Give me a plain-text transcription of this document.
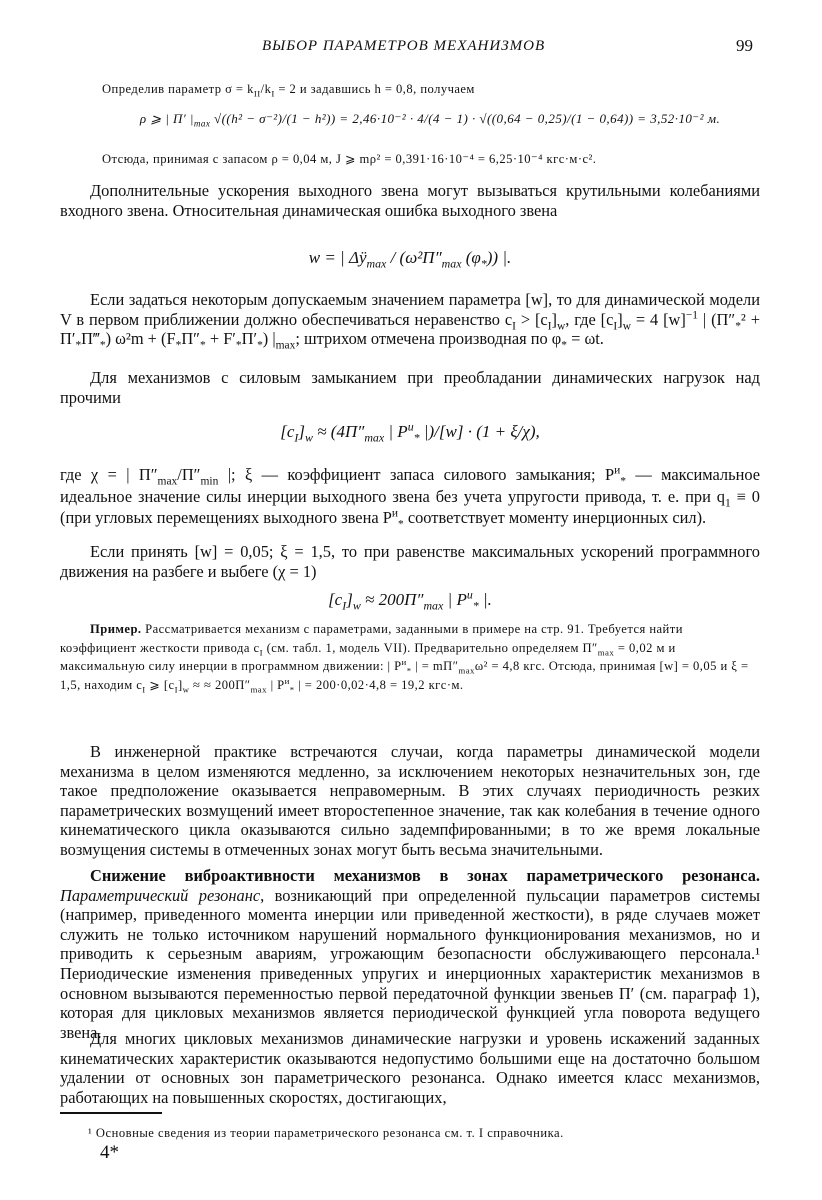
ВЫБОР ПАРАМЕТРОВ МЕХАНИЗМОВ	99
Определив параметр $\sigma = k_{II}/k_I = 2$ и задавшись h = 0,8, получаем
ρ ⩾ | П′ $|_{max}$ √((h² − σ⁻²)/(1 − h²)) = 2,46·10⁻² · 4/(4 − 1) · √((0,64 − 0,25)/(1 − 0,64)) = 3,52·10⁻² м.
Отсюда, принимая с запасом ρ = 0,04 м, J ⩾ mρ² = 0,391·16·10⁻⁴ = 6,25·10⁻⁴ кгс·м·с².
Дополнительные ускорения выходного звена могут вызываться крутильными колебаниями входного звена. Относительная динамическая ошибка выходного звена
w = | $\Delta ÿ_{max} / (\omega^2П''_{max}$ $(\varphi_*)$) |.
Если задаться некоторым допускаемым значением параметра [w], то для динамической модели V в первом приближении должно обеспечиваться неравенство $c_I > [c_I]_w$, где $[c_I]_w = 4$ $[w]^{-1}$ | ($П''_*^2$ + $П'_*П‴_*$) $\omega^2m + (F_*П''_* + F'_*П'_*)$ $|_{max}$; штрихом отмечена производная по $\varphi_* = \omega t$.
Для механизмов с силовым замыканием при преобладании динамических нагрузок над прочими
$[c_I]_w \approx (4П''_{max}$ | $P^и_*$ |)/[w] · (1 + ξ/χ),
где χ = | $П''_{max}/П''_{min}$ |; ξ — коэффициент запаса силового замыкания; $P^и_*$ — максимальное идеальное значение силы инерции выходного звена без учета упругости привода, т. е. при $q_1 \equiv 0$ (при угловых перемещениях выходного звена $P^и_*$ соответствует моменту инерционных сил).
Если принять [w] = 0,05; ξ = 1,5, то при равенстве максимальных ускорений программного движения на разбеге и выбеге (χ = 1)
$[c_I]_w \approx 200П''_{max}$ | $P^и_*$ |.
Пример. Рассматривается механизм с параметрами, заданными в примере на стр. 91. Требуется найти коэффициент жесткости привода $c_I$ (см. табл. 1, модель VII). Предварительно определяем $П''_{max} = 0,02$ м и максимальную силу инерции в программном движении: | $P^и_*$ | = $mП''_{max}\omega^2 = 4,8$ кгс. Отсюда, принимая [w] = 0,05 и ξ = 1,5, находим $c_I$ ⩾ $[c_I]_w$ ≈ ≈ $200П''_{max}$ | $P^и_*$ | = 200·0,02·4,8 = 19,2 кгс·м.
В инженерной практике встречаются случаи, когда параметры динамической модели механизма в целом изменяются медленно, за исключением некоторых незначительных зон, где такое предположение оказывается неправомерным. В этих случаях периодичность резких параметрических возмущений имеет второстепенное значение, так как колебания в течение одного кинематического цикла оказываются сильно задемпфированными; в то же время локальные возмущения системы в отмеченных зонах могут быть весьма значительными.
Снижение виброактивности механизмов в зонах параметрического резонанса. Параметрический резонанс, возникающий при определенной пульсации параметров системы (например, приведенного момента инерции или приведенной жесткости), в ряде случаев может служить не только источником нарушений нормального функционирования механизмов, но и приводить к серьезным авариям, угрожающим безопасности обслуживающего персонала.¹ Периодические изменения приведенных упругих и инерционных характеристик механизмов в основном вызываются переменностью первой передаточной функции звеньев П′ (см. параграф 1), которая для цикловых механизмов является периодической функцией угла поворота ведущего звена.
Для многих цикловых механизмов динамические нагрузки и уровень искажений заданных кинематических характеристик оказываются недопустимо большими еще на достаточно большом удалении от основных зон параметрического резонанса. Однако имеется класс механизмов, работающих на повышенных скоростях, достигающих,
¹ Основные сведения из теории параметрического резонанса см. т. I справочника.
4*
